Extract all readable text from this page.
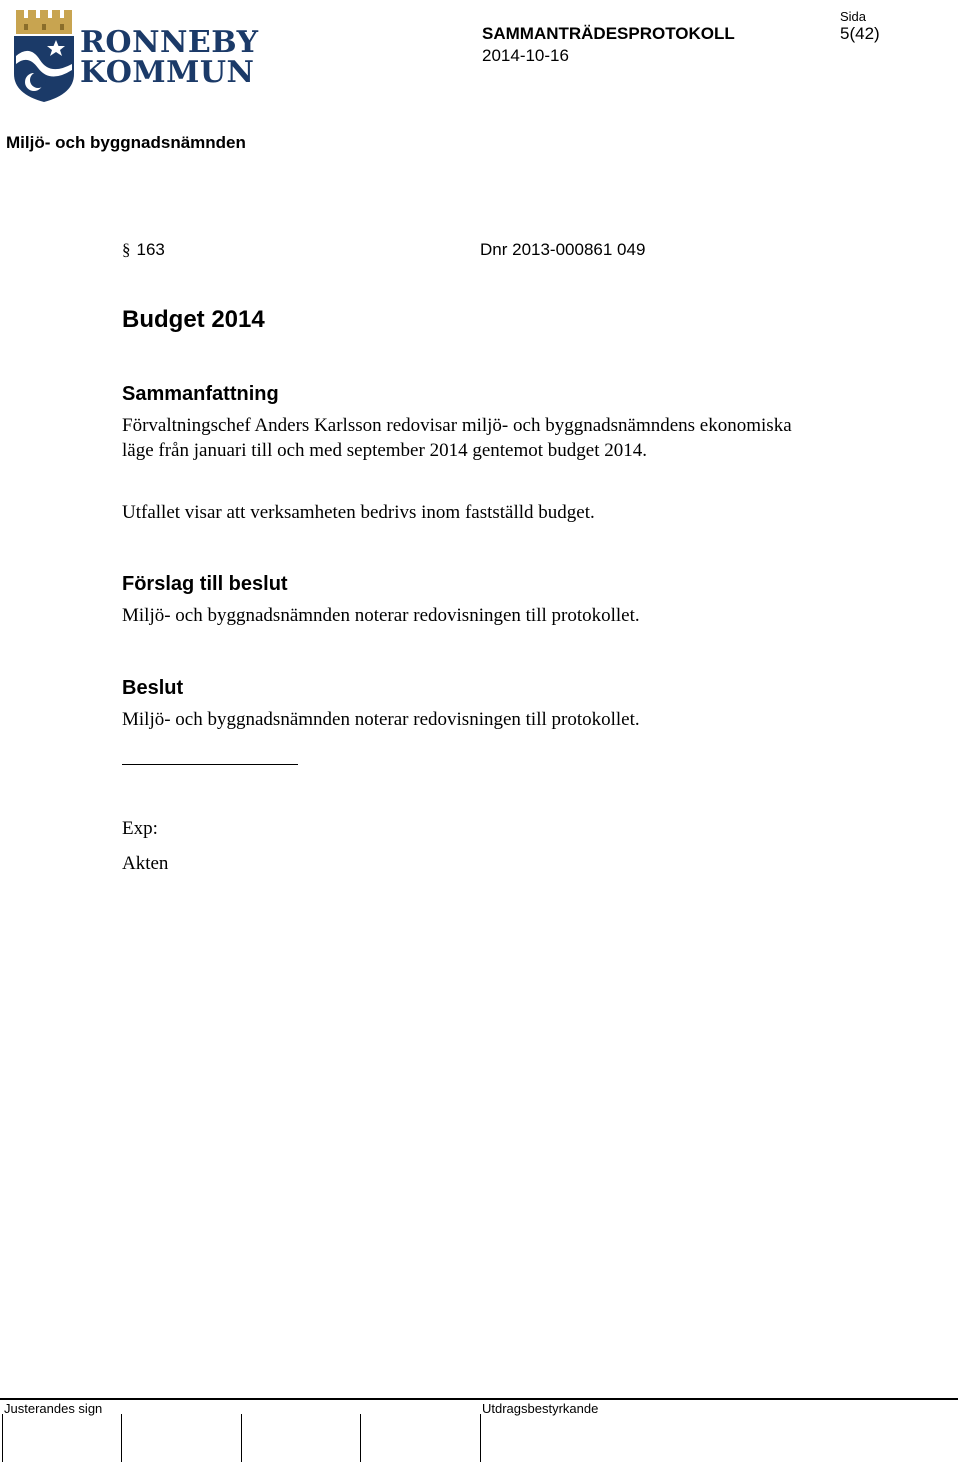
RONNEBY
KOMMUN
SAMMANTRÄDESPROTOKOLL
2014-10-16
Sida
5(42)
Miljö- och byggnadsnämnden
§ 163	Dnr 2013-000861 049
Budget 2014
Sammanfattning
Förvaltningschef Anders Karlsson redovisar miljö- och byggnadsnämndens ekonomiska
läge från januari till och med september 2014 gentemot budget 2014.
Utfallet visar att verksamheten bedrivs inom fastställd budget.
Förslag till beslut
Miljö- och byggnadsnämnden noterar redovisningen till protokollet.
Beslut
Miljö- och byggnadsnämnden noterar redovisningen till protokollet.
Exp:
Akten
Justerandes sign	Utdragsbestyrkande
